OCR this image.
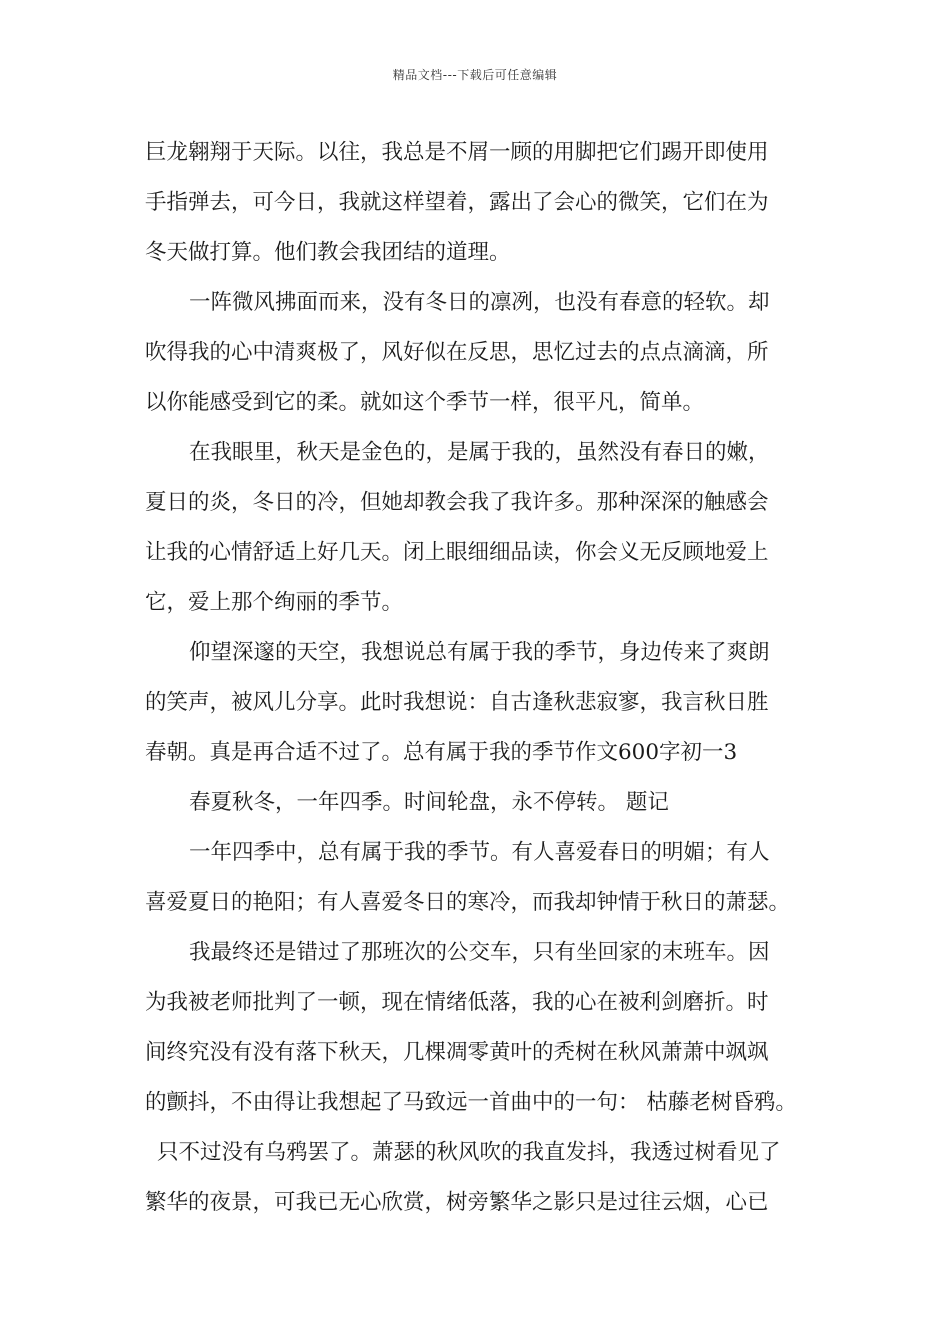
精品文档---下载后可任意编辑
巨龙翱翔于天际。以往，我总是不屑一顾的用脚把它们踢开即使用
手指弹去，可今日，我就这样望着，露出了会心的微笑，它们在为
冬天做打算。他们教会我团结的道理。
一阵微风拂面而来，没有冬日的凛冽，也没有春意的轻软。却
吹得我的心中清爽极了，风好似在反思，思忆过去的点点滴滴，所
以你能感受到它的柔。就如这个季节一样，很平凡，简单。
在我眼里，秋天是金色的，是属于我的，虽然没有春日的嫩，
夏日的炎，冬日的冷，但她却教会我了我许多。那种深深的触感会
让我的心情舒适上好几天。闭上眼细细品读，你会义无反顾地爱上
它，爱上那个绚丽的季节。
仰望深邃的天空，我想说总有属于我的季节，身边传来了爽朗
的笑声，被风儿分享。此时我想说：自古逢秋悲寂寥，我言秋日胜
春朝。真是再合适不过了。总有属于我的季节作文600字初一3
春夏秋冬，一年四季。时间轮盘，永不停转。 题记
一年四季中，总有属于我的季节。有人喜爱春日的明媚；有人
喜爱夏日的艳阳；有人喜爱冬日的寒冷，而我却钟情于秋日的萧瑟。
我最终还是错过了那班次的公交车，只有坐回家的末班车。因
为我被老师批判了一顿，现在情绪低落，我的心在被利剑磨折。时
间终究没有没有落下秋天，几棵凋零黄叶的秃树在秋风萧萧中飒飒
的颤抖，不由得让我想起了马致远一首曲中的一句： 枯藤老树昏鸦。
只不过没有乌鸦罢了。萧瑟的秋风吹的我直发抖，我透过树看见了
繁华的夜景，可我已无心欣赏，树旁繁华之影只是过往云烟，心已
